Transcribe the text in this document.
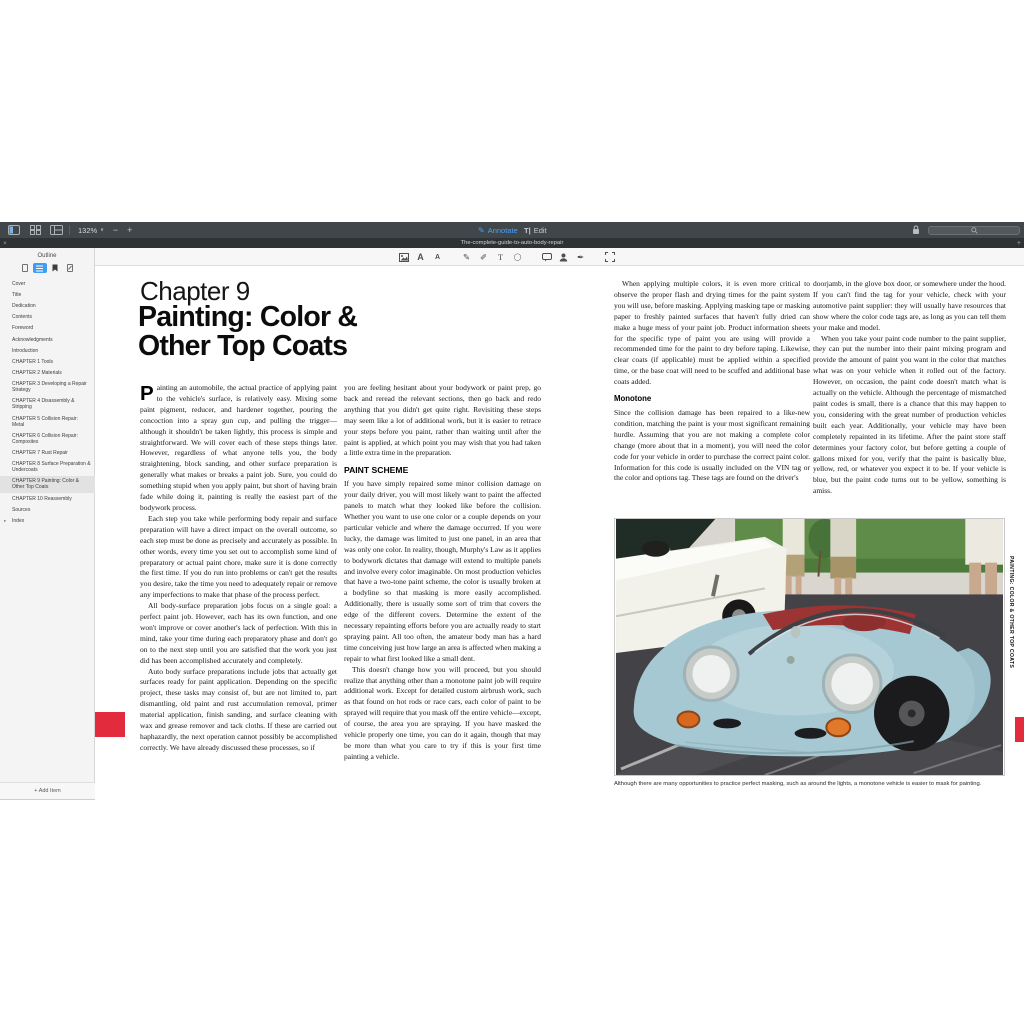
132% ∨ − +	✎ Annotate T| Edit
×	The-complete-guide-to-auto-body-repair	+
A	A	✎ ✐	T	◯	✒
Outline
Cover
Title
Dedication
Contents
Foreword
Acknowledgments
Introduction
CHAPTER 1 Tools
CHAPTER 2 Materials
CHAPTER 3 Developing a Repair Strategy
CHAPTER 4 Disassembly & Stripping
CHAPTER 5 Collision Repair: Metal
CHAPTER 6 Collision Repair: Composites
CHAPTER 7 Rust Repair
CHAPTER 8 Surface Preparation & Undercoats
CHAPTER 9 Painting: Color & Other Top Coats
CHAPTER 10 Reassembly
Sources
▸ Index
+ Add Item
Chapter 9
Painting: Color &
Other Top Coats

Painting an automobile, the actual practice of applying paint to the vehicle's surface, is relatively easy. Mixing some paint pigment, reducer, and hardener together, pouring the concoction into a spray gun cup, and pulling the trigger—although it shouldn't be taken lightly, this process is simple and straightforward. We will cover each of these steps things later. However, regardless of what anyone tells you, the body straightening, block sanding, and other surface preparation is generally what makes or breaks a paint job. Sure, you could do something stupid when you apply paint, but short of having brain fade while doing it, painting is really the easiest part of the bodywork process.

Each step you take while performing body repair and surface preparation will have a direct impact on the overall outcome, so each step must be done as precisely and accurately as possible. In other words, every time you set out to accomplish some kind of preparatory or actual paint chore, make sure it is done correctly the first time. If you do run into problems or can't get the results you desire, take the time you need to adequately repair or remove any imperfections to make that phase of the process perfect.

All body-surface preparation jobs focus on a single goal: a perfect paint job. However, each has its own function, and one won't improve or cover another's lack of perfection. With this in mind, take your time during each preparatory phase and don't go on to the next step until you are satisfied that the work you just did has been accomplished accurately and completely.

Auto body surface preparations include jobs that actually get surfaces ready for paint application. Depending on the specific project, these tasks may consist of, but are not limited to, part dismantling, old paint and rust accumulation removal, primer material application, finish sanding, and surface cleaning with wax and grease remover and tack cloths. If these are carried out haphazardly, the next operation cannot possibly be accomplished correctly. We have already discussed these processes, so if

you are feeling hesitant about your bodywork or paint prep, go back and reread the relevant sections, then go back and redo anything that you didn't get quite right. Revisiting these steps may seem like a lot of additional work, but it is easier to retrace your steps before you paint, rather than waiting until after the paint is applied, at which point you may wish that you had taken a little extra time in the preparation.

PAINT SCHEME

If you have simply repaired some minor collision damage on your daily driver, you will most likely want to paint the affected panels to match what they looked like before the collision. Whether you want to use one color or a couple depends on your particular vehicle and where the damage occurred. If you were lucky, the damage was limited to just one panel, in an area that was only one color. In reality, though, Murphy's Law as it applies to bodywork dictates that damage will extend to multiple panels and involve every color imaginable. On most production vehicles that have a two-tone paint scheme, the color is usually broken at a bodyline so that masking is more easily accomplished. Additionally, there is usually some sort of trim that covers the edge of the different covers. Determine the extent of the necessary repainting efforts before you are actually ready to start spraying paint. All too often, the amateur body man has a hard time conceiving just how large an area is affected when making a repair to what first looked like a small dent.

This doesn't change how you will proceed, but you should realize that anything other than a monotone paint job will require additional work. Except for detailed custom airbrush work, such as that found on hot rods or race cars, each color of paint to be sprayed will require that you mask off the entire vehicle—except, of course, the area you are spraying. If you have masked the vehicle properly one time, you can do it again, though that may be more than what you care to try if this is your first time painting a vehicle.

When applying multiple colors, it is even more critical to observe the proper flash and drying times for the paint system you will use, before masking. Applying masking tape or masking paper to freshly painted surfaces that haven't fully dried can make a huge mess of your paint job. Product information sheets for the specific type of paint you are using will provide a recommended time for the paint to dry before taping. Likewise, clear coats (if applicable) must be applied within a specified time, or the base coat will need to be scuffed and additional base coats added.

Monotone

Since the collision damage has been repaired to a like-new condition, matching the paint is your most significant remaining hurdle. Assuming that you are not making a complete color change (more about that in a moment), you will need the color code for your vehicle in order to purchase the correct paint color. Information for this code is usually included on the VIN tag or the color and options tag. These tags are found on the driver's

doorjamb, in the glove box door, or somewhere under the hood. If you can't find the tag for your vehicle, check with your automotive paint supplier: they will usually have resources that show where the color code tags are, as long as you can tell them your make and model.

When you take your paint code number to the paint supplier, they can put the number into their paint mixing program and provide the amount of paint you want in the color that matches what was on your vehicle when it rolled out of the factory. However, on occasion, the paint code doesn't match what is actually on the vehicle. Although the percentage of mismatched paint codes is small, there is a chance that this may happen to you, considering with the great number of production vehicles built each year. Additionally, your vehicle may have been completely repainted in its lifetime. After the paint store staff determines your factory color, but before getting a couple of gallons mixed for you, verify that the paint is basically blue, yellow, red, or whatever you expect it to be. If your vehicle is blue, but the paint code turns out to be yellow, something is amiss.

Although there are many opportunities to practice perfect masking, such as around the lights, a monotone vehicle is easier to mask for painting.
PAINTING: COLOR & OTHER TOP COATS
